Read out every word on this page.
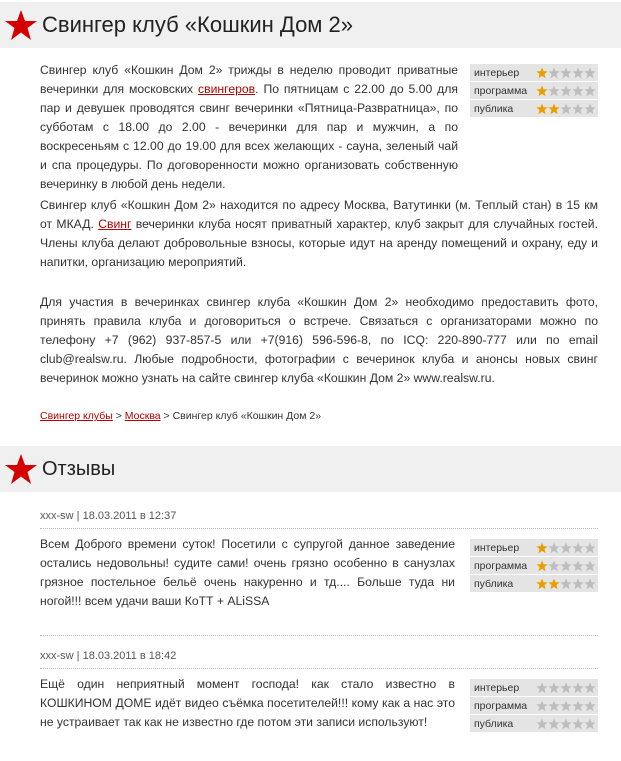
Свингер клуб «Кошкин Дом 2»

Свингер клуб «Кошкин Дом 2» трижды в неделю проводит приватные вечеринки для московских свингеров. По пятницам с 22.00 до 5.00 для пар и девушек проводятся свинг вечеринки «Пятница-Развратница», по субботам с 18.00 до 2.00 - вечеринки для пар и мужчин, а по воскресеньям с 12.00 до 19.00 для всех желающих - сауна, зеленый чай и спа процедуры. По договоренности можно организовать собственную вечеринку в любой день недели.

интерьер
программа
публика

Свингер клуб «Кошкин Дом 2» находится по адресу Москва, Ватутинки (м. Теплый стан) в 15 км от МКАД. Свинг вечеринки клуба носят приватный характер, клуб закрыт для случайных гостей. Члены клуба делают добровольные взносы, которые идут на аренду помещений и охрану, еду и напитки, организацию мероприятий.

Для участия в вечеринках свингер клуба «Кошкин Дом 2» необходимо предоставить фото, принять правила клуба и договориться о встрече. Связаться с организаторами можно по телефону +7 (962) 937-857-5 или +7(916) 596-596-8, по ICQ: 220-890-777 или по email club@realsw.ru. Любые подробности, фотографии с вечеринок клуба и анонсы новых свинг вечеринок можно узнать на сайте свингер клуба «Кошкин Дом 2» www.realsw.ru.

Свингер клубы > Москва > Свингер клуб «Кошкин Дом 2»
Отзывы
xxx-sw | 18.03.2011 в 12:37

Всем Доброго времени суток! Посетили с супругой данное заведение остались недовольны! судите сами! очень грязно особенно в санузлах грязное постельное бельё очень накуренно и тд.... Больше туда ни ногой!!! всем удачи ваши КоТТ + ALiSSA

интерьер
программа
публика
xxx-sw | 18.03.2011 в 18:42

Ещё один неприятный момент господа! как стало известно в КОШКИНОМ ДОМЕ идёт видео съёмка посетителей!!! кому как а нас это не устраивает так как не известно где потом эти записи используют!

интерьер
программа
публика
